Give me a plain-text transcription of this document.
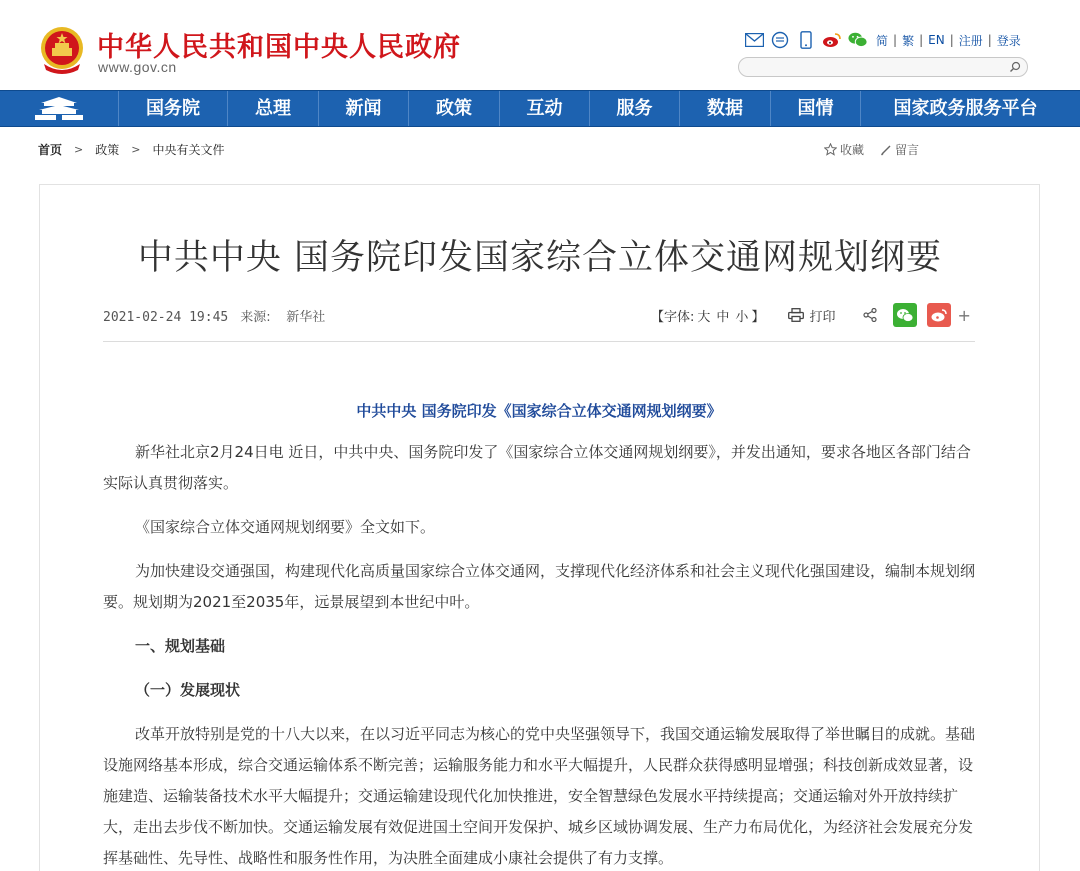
中华人民共和国中央人民政府
www.gov.cn
简 | 繁 | EN | 注册 | 登录
国务院	总理	新闻	政策	互动	服务	数据	国情	国家政务服务平台
首页 > 政策 > 中央有关文件	收藏	留言
中共中央 国务院印发国家综合立体交通网规划纲要
2021-02-24 19:45 来源: 新华社	【字体: 大 中 小 】	打印	+
中共中央 国务院印发《国家综合立体交通网规划纲要》

新华社北京2月24日电 近日，中共中央、国务院印发了《国家综合立体交通网规划纲要》，并发出通知，要求各地区各部门结合实际认真贯彻落实。

《国家综合立体交通网规划纲要》全文如下。

为加快建设交通强国，构建现代化高质量国家综合立体交通网，支撑现代化经济体系和社会主义现代化强国建设，编制本规划纲要。规划期为2021至2035年，远景展望到本世纪中叶。

一、规划基础

（一）发展现状

改革开放特别是党的十八大以来，在以习近平同志为核心的党中央坚强领导下，我国交通运输发展取得了举世瞩目的成就。基础设施网络基本形成，综合交通运输体系不断完善；运输服务能力和水平大幅提升，人民群众获得感明显增强；科技创新成效显著，设施建造、运输装备技术水平大幅提升；交通运输建设现代化加快推进，安全智慧绿色发展水平持续提高；交通运输对外开放持续扩大，走出去步伐不断加快。交通运输发展有效促进国土空间开发保护、城乡区域协调发展、生产力布局优化，为经济社会发展充分发挥基础性、先导性、战略性和服务性作用，为决胜全面建成小康社会提供了有力支撑。
